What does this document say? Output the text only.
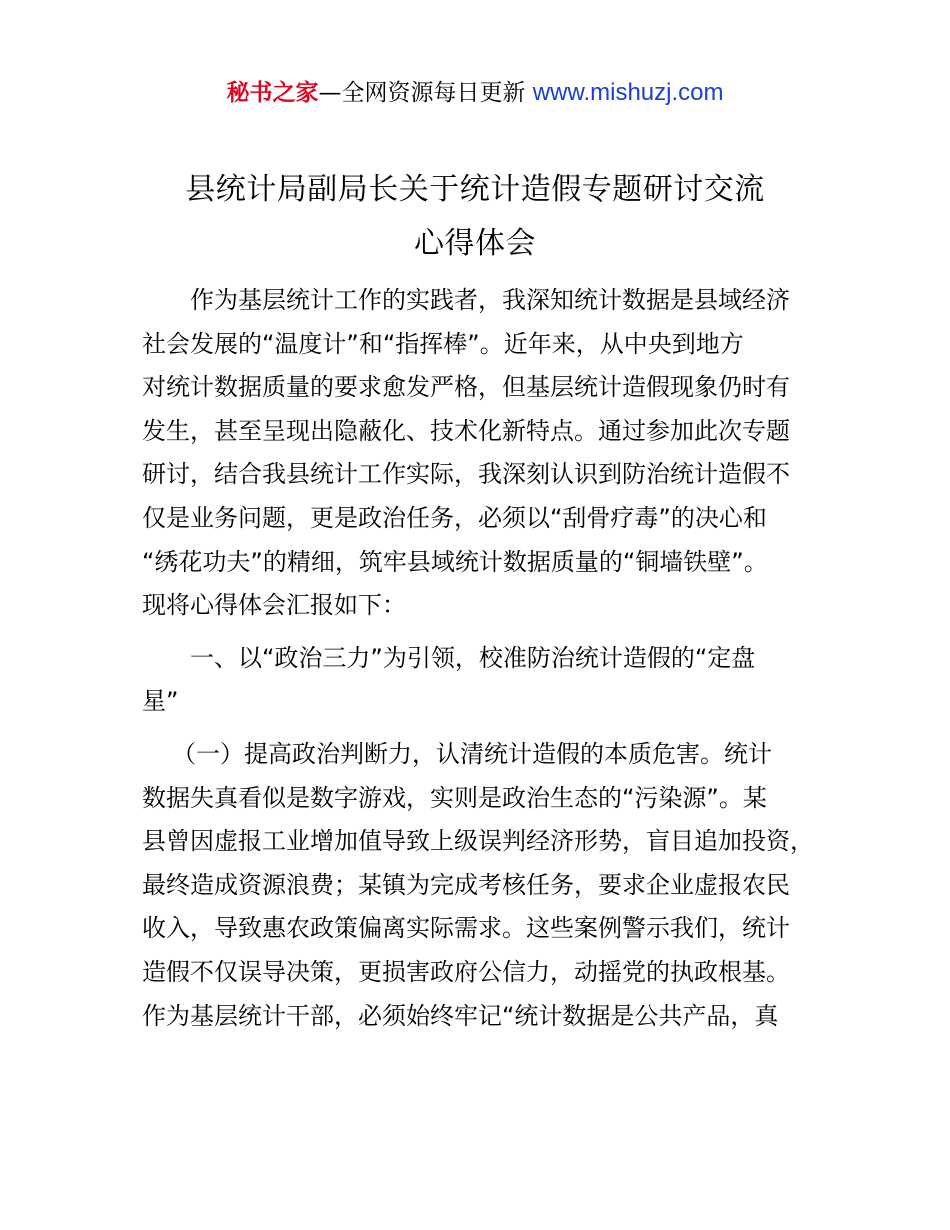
秘书之家—全网资源每日更新 www.mishuzj.com
县统计局副局长关于统计造假专题研讨交流
心得体会
作为基层统计工作的实践者，我深知统计数据是县域经济
社会发展的“温度计”和“指挥棒”。近年来，从中央到地方
对统计数据质量的要求愈发严格，但基层统计造假现象仍时有
发生，甚至呈现出隐蔽化、技术化新特点。通过参加此次专题
研讨，结合我县统计工作实际，我深刻认识到防治统计造假不
仅是业务问题，更是政治任务，必须以“刮骨疗毒”的决心和
“绣花功夫”的精细，筑牢县域统计数据质量的“铜墙铁壁”。
现将心得体会汇报如下：
一、以“政治三力”为引领，校准防治统计造假的“定盘
星”
（一）提高政治判断力，认清统计造假的本质危害。统计
数据失真看似是数字游戏，实则是政治生态的“污染源”。某
县曾因虚报工业增加值导致上级误判经济形势，盲目追加投资，
最终造成资源浪费；某镇为完成考核任务，要求企业虚报农民
收入，导致惠农政策偏离实际需求。这些案例警示我们，统计
造假不仅误导决策，更损害政府公信力，动摇党的执政根基。
作为基层统计干部，必须始终牢记“统计数据是公共产品，真
